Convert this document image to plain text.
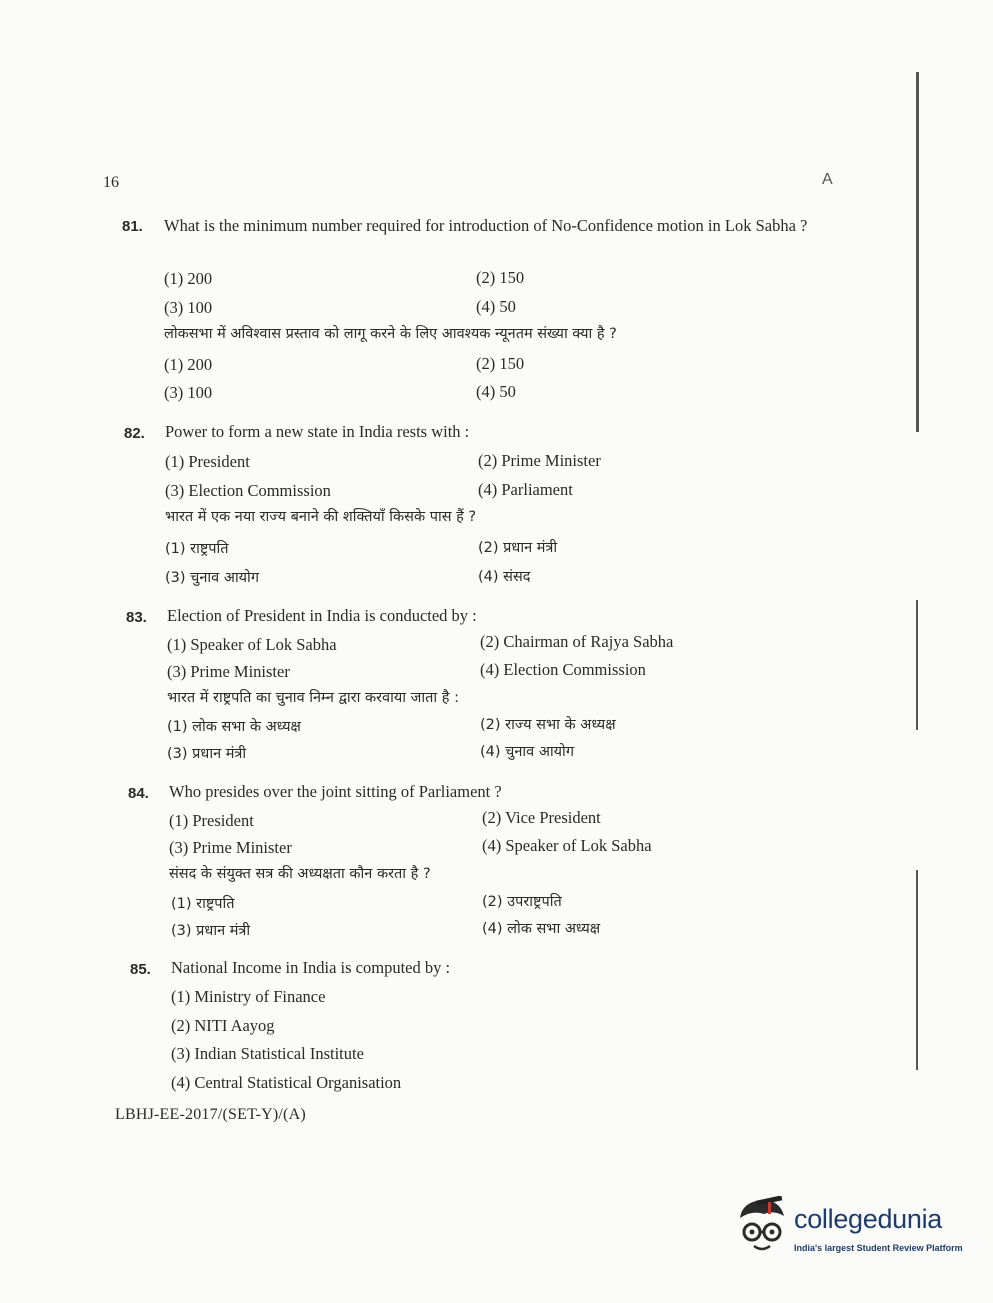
16	A
81. What is the minimum number required for introduction of No-Confidence motion in Lok Sabha ?
(1) 200	(2) 150
(3) 100	(4) 50
लोकसभा में अविश्वास प्रस्ताव को लागू करने के लिए आवश्यक न्यूनतम संख्या क्या है ?
(1) 200	(2) 150
(3) 100	(4) 50
82. Power to form a new state in India rests with :
(1) President	(2) Prime Minister
(3) Election Commission	(4) Parliament
भारत में एक नया राज्य बनाने की शक्तियाँ किसके पास हैं ?
(1) राष्ट्रपति	(2) प्रधान मंत्री
(3) चुनाव आयोग	(4) संसद
83. Election of President in India is conducted by :
(1) Speaker of Lok Sabha	(2) Chairman of Rajya Sabha
(3) Prime Minister	(4) Election Commission
भारत में राष्ट्रपति का चुनाव निम्न द्वारा करवाया जाता है :
(1) लोक सभा के अध्यक्ष	(2) राज्य सभा के अध्यक्ष
(3) प्रधान मंत्री	(4) चुनाव आयोग
84. Who presides over the joint sitting of Parliament ?
(1) President	(2) Vice President
(3) Prime Minister	(4) Speaker of Lok Sabha
संसद के संयुक्त सत्र की अध्यक्षता कौन करता है ?
(1) राष्ट्रपति	(2) उपराष्ट्रपति
(3) प्रधान मंत्री	(4) लोक सभा अध्यक्ष
85. National Income in India is computed by :
(1) Ministry of Finance
(2) NITI Aayog
(3) Indian Statistical Institute
(4) Central Statistical Organisation
LBHJ-EE-2017/(SET-Y)/(A)
collegedunia
India's largest Student Review Platform
